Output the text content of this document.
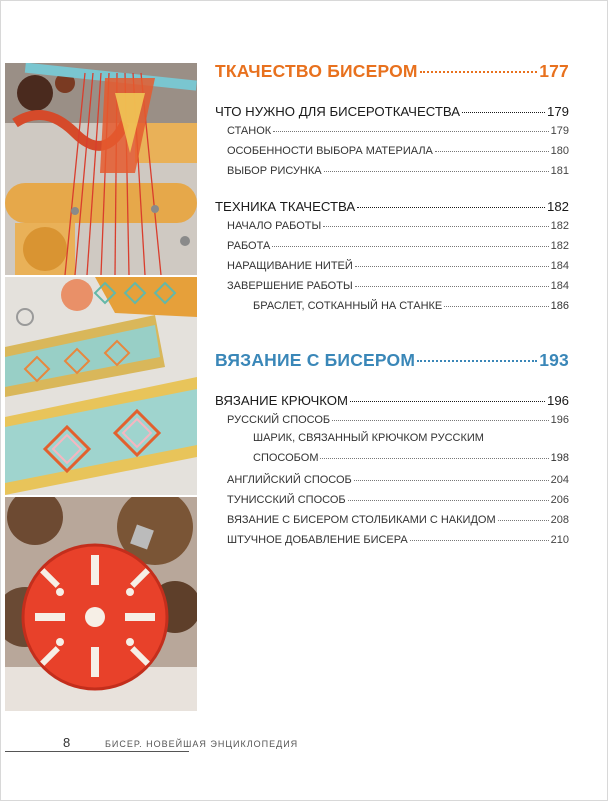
ТКАЧЕСТВО БИСЕРОМ	177
ЧТО НУЖНО ДЛЯ БИСЕРОТКАЧЕСТВА	179
СТАНОК	179
ОСОБЕННОСТИ ВЫБОРА МАТЕРИАЛА	180
ВЫБОР РИСУНКА	181
ТЕХНИКА ТКАЧЕСТВА	182
НАЧАЛО РАБОТЫ	182
РАБОТА	182
НАРАЩИВАНИЕ НИТЕЙ	184
ЗАВЕРШЕНИЕ РАБОТЫ	184
БРАСЛЕТ, СОТКАННЫЙ НА СТАНКЕ	186
ВЯЗАНИЕ С БИСЕРОМ	193
ВЯЗАНИЕ КРЮЧКОМ	196
РУССКИЙ СПОСОБ	196
ШАРИК, СВЯЗАННЫЙ КРЮЧКОМ РУССКИМ
СПОСОБОМ	198
АНГЛИЙСКИЙ СПОСОБ	204
ТУНИССКИЙ СПОСОБ	206
ВЯЗАНИЕ С БИСЕРОМ СТОЛБИКАМИ С НАКИДОМ	208
ШТУЧНОЕ ДОБАВЛЕНИЕ БИСЕРА	210
8	БИСЕР. НОВЕЙШАЯ ЭНЦИКЛОПЕДИЯ
